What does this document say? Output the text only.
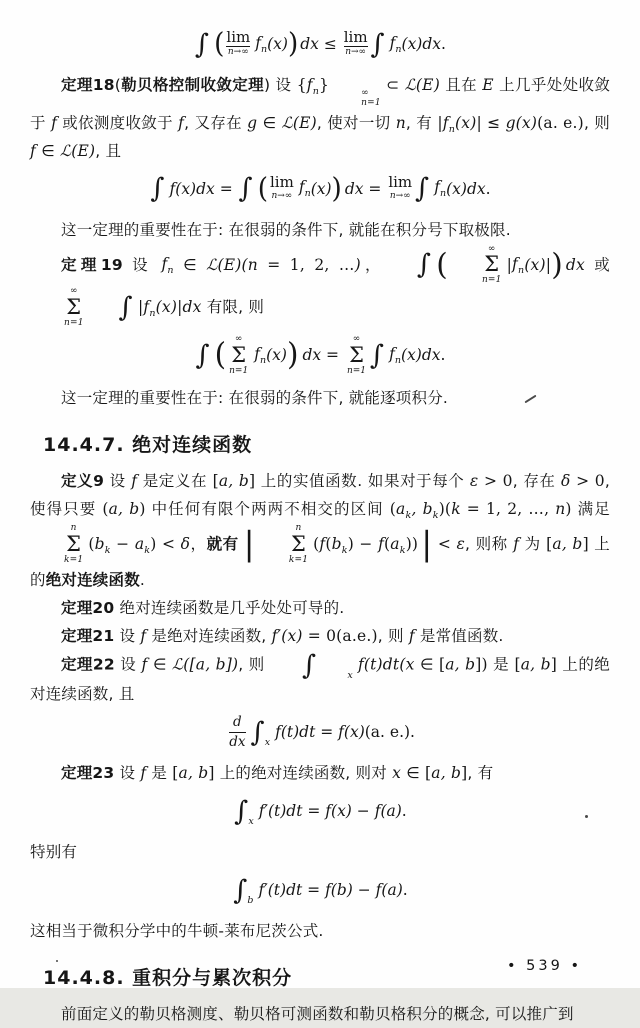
∫ ( lim
n→∞
$f_n$ (x) ) dx ≤ lim
n→∞ ∫ $f_n$ (x)dx .

定理18(勒贝格控制收敛定理) 设 $\{f_n\}$	∞
n=1
⊂ ℒ(E) 且在 E 上几乎处处收敛于 f 或依测度收敛于 f, 又存在 g ∈ ℒ(E), 使对一切 n, 有 $|f_n(x)| \le g(x)(a$. e.), 则 f ∈ ℒ(E), 且

∫ f(x)dx = ∫ ( lim
n→∞ $f_n$ (x) ) dx = lim
n→∞ ∫ $f_n$ (x)dx .

这一定理的重要性在于: 在很弱的条件下, 就能在积分号下取极限.

定理19 设 $f_n$ ∈ ℒ(E)(n = 1, 2, …)，	∫ (	∞
Σ
n=1
$|f_n(x)|$) dx 或
∞
Σ
n=1	∫ $|f_n(x)|dx$ 有限, 则

∫ ( ∞
Σ
n=1
$f_n$ (x) ) dx =
∞
Σ
n=1 ∫ $f_n$ (x)dx .

这一定理的重要性在于: 在很弱的条件下, 就能逐项积分.

14.4.7. 绝对连续函数

定义9 设 f 是定义在 [a, b] 上的实值函数. 如果对于每个 ε > 0, 存在 δ > 0, 使得只要 (a, b) 中任何有限个两两不相交的区间 ($a_k$, $b_k)(k = 1$, 2, …, n) 满足
n
Σ
k=1
$(b_k - a_k) < \delta$，就有 |	n
Σ
k=1
$(f(b_k) - f(a_k))| < \varepsilon$, 则称 f 为 [a, b] 上的绝对连续函数.

定理20 绝对连续函数是几乎处处可导的.

定理21 设 f 是绝对连续函数, f′(x) = 0(a.e.), 则 f 是常值函数.

定理22 设 f ∈ ℒ([a, b]), 则	∫	x
f(t)dt(x ∈ [a, b]) 是 [a, b] 上的绝对连续函数, 且

d
dx ∫ x
f(t)dt = f(x) (a. e.).

定理23 设 f 是 [a, b] 上的绝对连续函数, 则对 x ∈ [a, b], 有

∫ x
f′(t)dt = f(x) − f(a) .

特别有

∫ b
f′(t)dt = f(b) − f(a) .

这相当于微积分学中的牛顿-莱布尼茨公式.

14.4.8. 重积分与累次积分

前面定义的勒贝格测度、勒贝格可测函数和勒贝格积分的概念, 可以推广到

• 539 •
